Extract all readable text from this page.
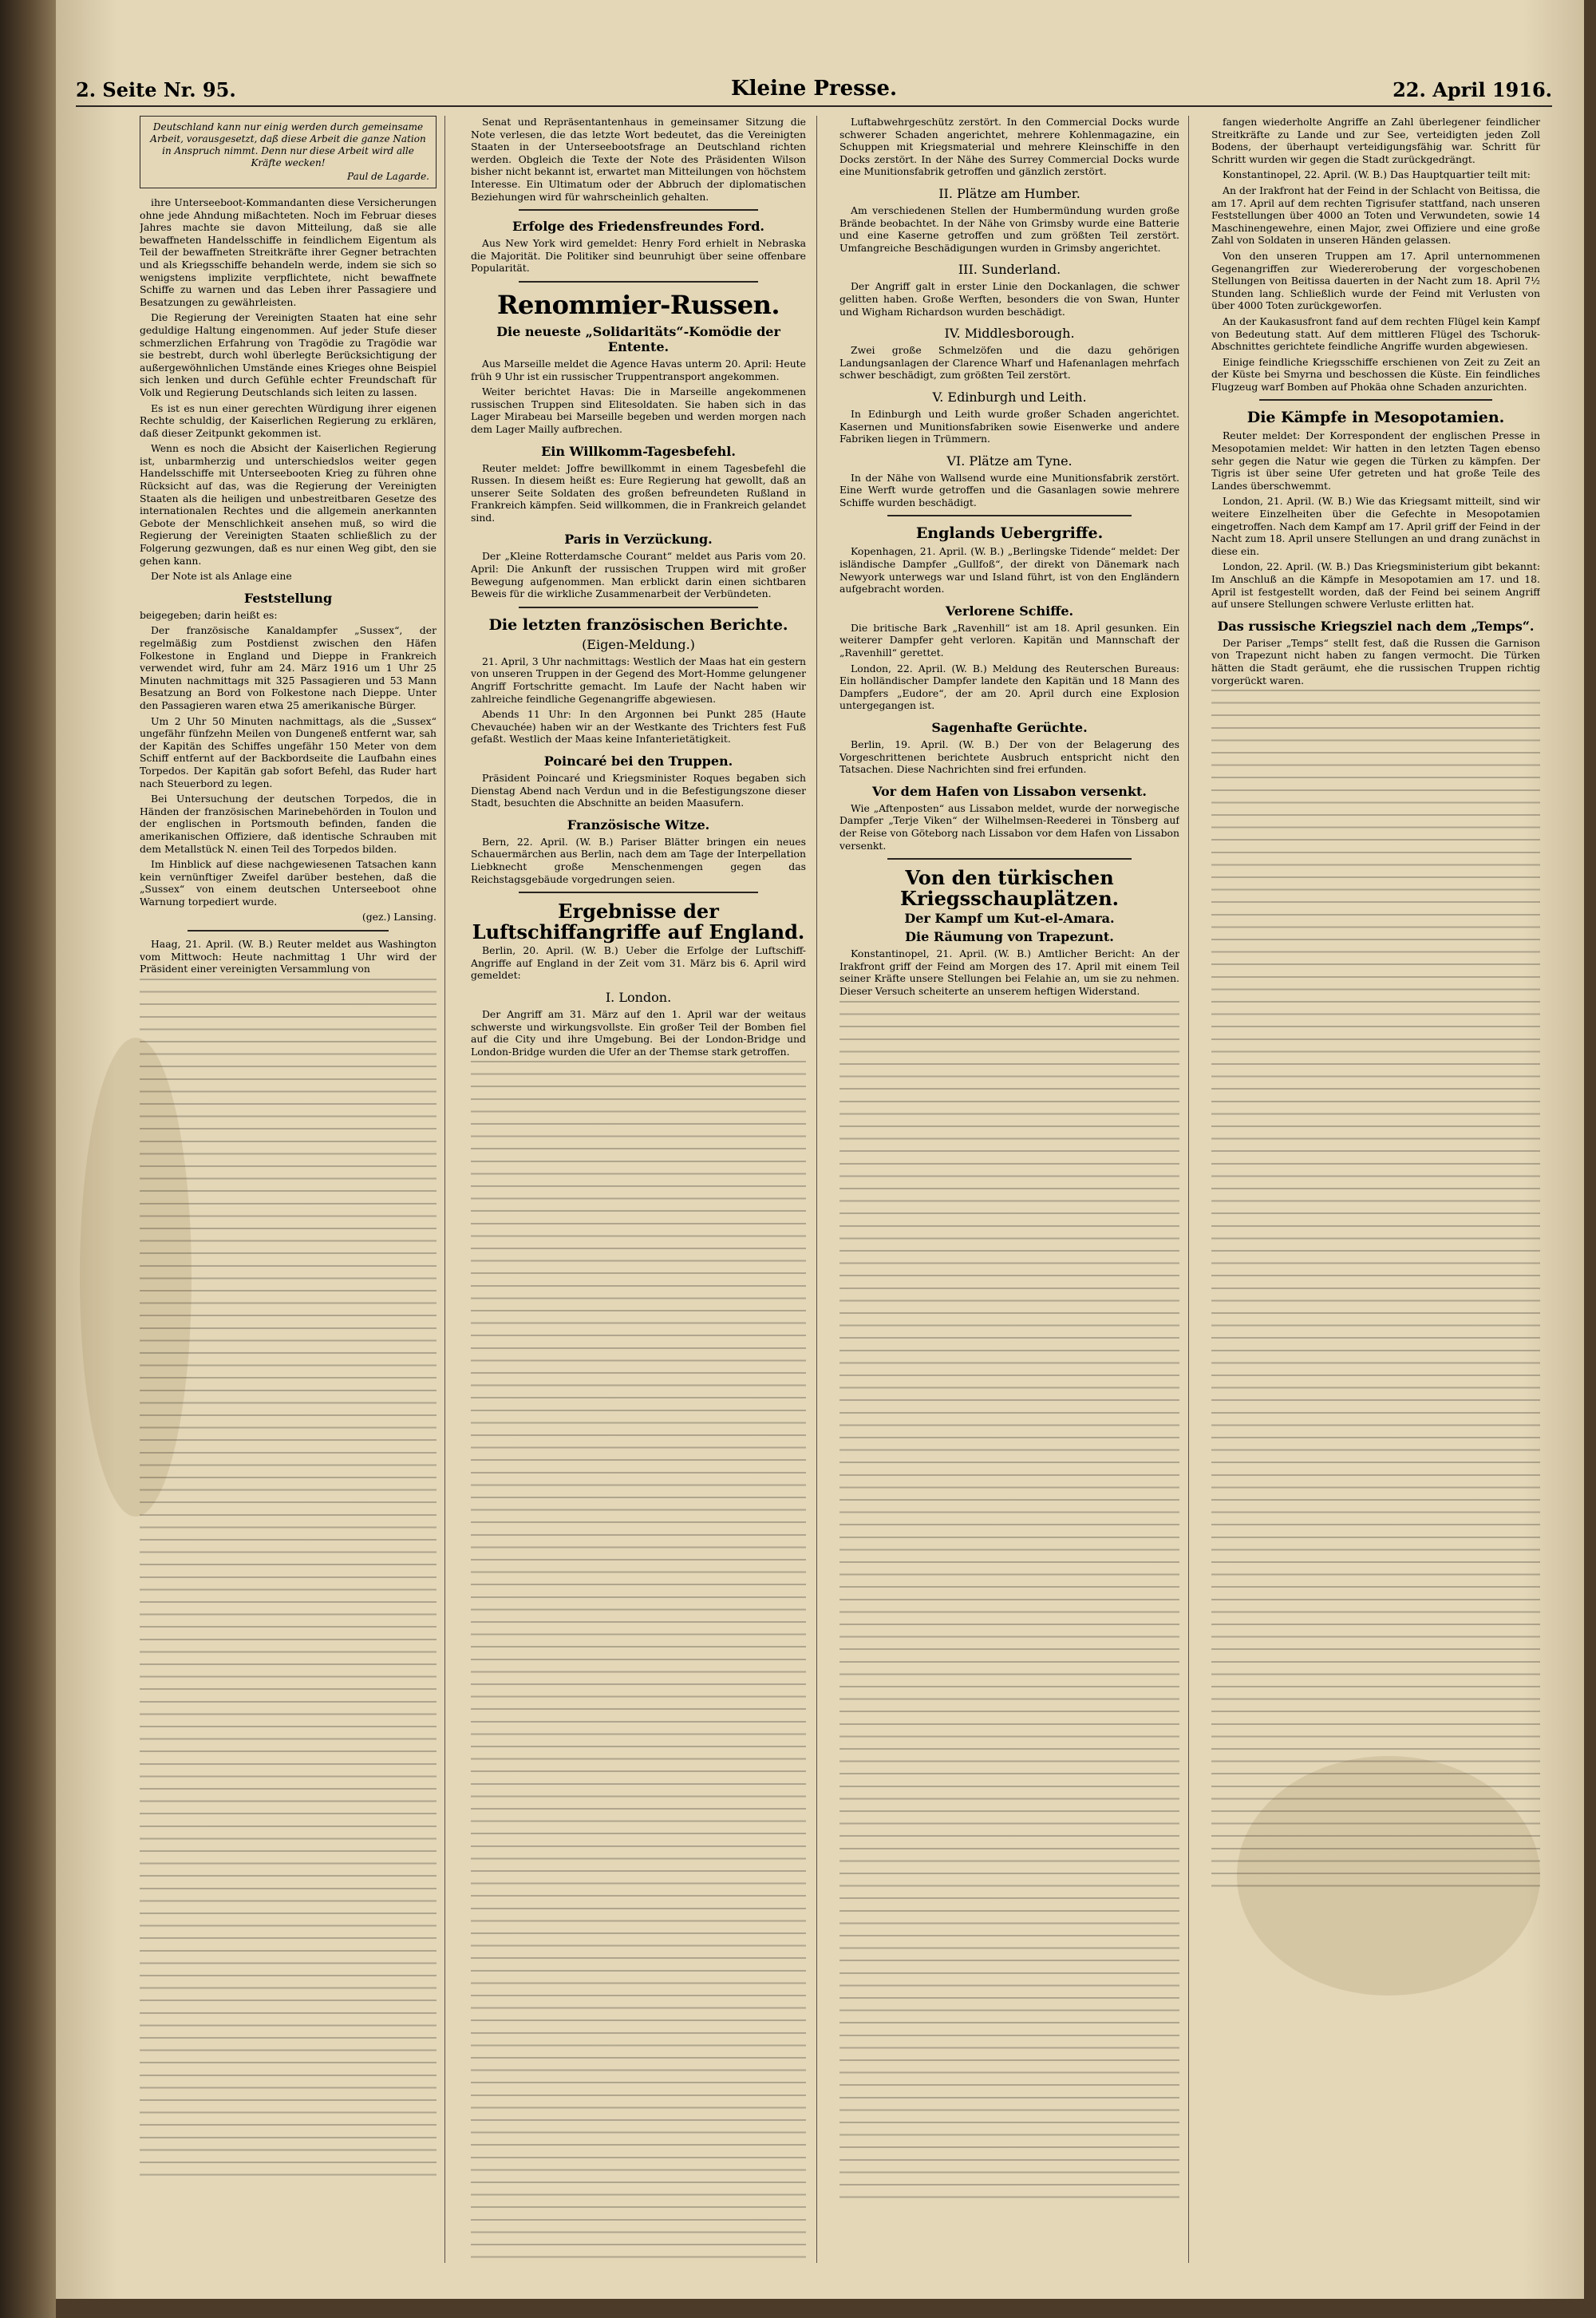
2. Seite Nr. 95.	Kleine Presse.	22. April 1916.
Deutschland kann nur einig werden durch gemeinsame Arbeit, vorausgesetzt, daß diese Arbeit die ganze Nation in Anspruch nimmt. Denn nur diese Arbeit wird alle Kräfte wecken!
Paul de Lagarde.

ihre Unterseeboot-Kommandanten diese Versicherungen ohne jede Ahndung mißachteten. Noch im Februar dieses Jahres machte sie davon Mitteilung, daß sie alle bewaffneten Handelsschiffe in feindlichem Eigentum als Teil der bewaffneten Streitkräfte ihrer Gegner betrachten und als Kriegsschiffe behandeln werde, indem sie sich so wenigstens implizite verpflichtete, nicht bewaffnete Schiffe zu warnen und das Leben ihrer Passagiere und Besatzungen zu gewährleisten.

Die Regierung der Vereinigten Staaten hat eine sehr geduldige Haltung eingenommen. Auf jeder Stufe dieser schmerzlichen Erfahrung von Tragödie zu Tragödie war sie bestrebt, durch wohl überlegte Berücksichtigung der außergewöhnlichen Umstände eines Krieges ohne Beispiel sich lenken und durch Gefühle echter Freundschaft für Volk und Regierung Deutschlands sich leiten zu lassen.

Es ist es nun einer gerechten Würdigung ihrer eigenen Rechte schuldig, der Kaiserlichen Regierung zu erklären, daß dieser Zeitpunkt gekommen ist.

Wenn es noch die Absicht der Kaiserlichen Regierung ist, unbarmherzig und unterschiedslos weiter gegen Handelsschiffe mit Unterseebooten Krieg zu führen ohne Rücksicht auf das, was die Regierung der Vereinigten Staaten als die heiligen und unbestreitbaren Gesetze des internationalen Rechtes und die allgemein anerkannten Gebote der Menschlichkeit ansehen muß, so wird die Regierung der Vereinigten Staaten schließlich zu der Folgerung gezwungen, daß es nur einen Weg gibt, den sie gehen kann.

Der Note ist als Anlage eine

Feststellung

beigegeben; darin heißt es:

Der französische Kanaldampfer „Sussex“, der regelmäßig zum Postdienst zwischen den Häfen Folkestone in England und Dieppe in Frankreich verwendet wird, fuhr am 24. März 1916 um 1 Uhr 25 Minuten nachmittags mit 325 Passagieren und 53 Mann Besatzung an Bord von Folkestone nach Dieppe. Unter den Passagieren waren etwa 25 amerikanische Bürger.

Um 2 Uhr 50 Minuten nachmittags, als die „Sussex“ ungefähr fünfzehn Meilen von Dungeneß entfernt war, sah der Kapitän des Schiffes ungefähr 150 Meter von dem Schiff entfernt auf der Backbordseite die Laufbahn eines Torpedos. Der Kapitän gab sofort Befehl, das Ruder hart nach Steuerbord zu legen.

Bei Untersuchung der deutschen Torpedos, die in Händen der französischen Marinebehörden in Toulon und der englischen in Portsmouth befinden, fanden die amerikanischen Offiziere, daß identische Schrauben mit dem Metallstück N. einen Teil des Torpedos bilden.

Im Hinblick auf diese nachgewiesenen Tatsachen kann kein vernünftiger Zweifel darüber bestehen, daß die „Sussex“ von einem deutschen Unterseeboot ohne Warnung torpediert wurde.

(gez.) Lansing.

Haag, 21. April. (W. B.) Reuter meldet aus Washington vom Mittwoch: Heute nachmittag 1 Uhr wird der Präsident einer vereinigten Versammlung von

Senat und Repräsentantenhaus in gemeinsamer Sitzung die Note verlesen, die das letzte Wort bedeutet, das die Vereinigten Staaten in der Unterseebootsfrage an Deutschland richten werden. Obgleich die Texte der Note des Präsidenten Wilson bisher nicht bekannt ist, erwartet man Mitteilungen von höchstem Interesse. Ein Ultimatum oder der Abbruch der diplomatischen Beziehungen wird für wahrscheinlich gehalten.

Erfolge des Friedensfreundes Ford.

Aus New York wird gemeldet: Henry Ford erhielt in Nebraska die Majorität. Die Politiker sind beunruhigt über seine offenbare Popularität.

Renommier-Russen.
Die neueste „Solidaritäts“-Komödie der Entente.

Aus Marseille meldet die Agence Havas unterm 20. April: Heute früh 9 Uhr ist ein russischer Truppentransport angekommen.

Weiter berichtet Havas: Die in Marseille angekommenen russischen Truppen sind Elitesoldaten. Sie haben sich in das Lager Mirabeau bei Marseille begeben und werden morgen nach dem Lager Mailly aufbrechen.

Ein Willkomm-Tagesbefehl.

Reuter meldet: Joffre bewillkommt in einem Tagesbefehl die Russen. In diesem heißt es: Eure Regierung hat gewollt, daß an unserer Seite Soldaten des großen befreundeten Rußland in Frankreich kämpfen. Seid willkommen, die in Frankreich gelandet sind.

Paris in Verzückung.

Der „Kleine Rotterdamsche Courant“ meldet aus Paris vom 20. April: Die Ankunft der russischen Truppen wird mit großer Bewegung aufgenommen. Man erblickt darin einen sichtbaren Beweis für die wirkliche Zusammenarbeit der Verbündeten.

Die letzten französischen Berichte.
(Eigen-Meldung.)

21. April, 3 Uhr nachmittags: Westlich der Maas hat ein gestern von unseren Truppen in der Gegend des Mort-Homme gelungener Angriff Fortschritte gemacht. Im Laufe der Nacht haben wir zahlreiche feindliche Gegenangriffe abgewiesen.

Abends 11 Uhr: In den Argonnen bei Punkt 285 (Haute Chevauchée) haben wir an der Westkante des Trichters fest Fuß gefaßt. Westlich der Maas keine Infanterietätigkeit.

Poincaré bei den Truppen.

Präsident Poincaré und Kriegsminister Roques begaben sich Dienstag Abend nach Verdun und in die Befestigungszone dieser Stadt, besuchten die Abschnitte an beiden Maasufern.

Französische Witze.

Bern, 22. April. (W. B.) Pariser Blätter bringen ein neues Schauermärchen aus Berlin, nach dem am Tage der Interpellation Liebknecht große Menschenmengen gegen das Reichstagsgebäude vorgedrungen seien.

Ergebnisse der Luftschiffangriffe auf England.

Berlin, 20. April. (W. B.) Ueber die Erfolge der Luftschiff-Angriffe auf England in der Zeit vom 31. März bis 6. April wird gemeldet:

I. London.

Der Angriff am 31. März auf den 1. April war der weitaus schwerste und wirkungsvollste. Ein großer Teil der Bomben fiel auf die City und ihre Umgebung. Bei der London-Bridge und London-Bridge wurden die Ufer an der Themse stark getroffen.

Luftabwehrgeschütz zerstört. In den Commercial Docks wurde schwerer Schaden angerichtet, mehrere Kohlenmagazine, ein Schuppen mit Kriegsmaterial und mehrere Kleinschiffe in den Docks zerstört. In der Nähe des Surrey Commercial Docks wurde eine Munitionsfabrik getroffen und gänzlich zerstört.

II. Plätze am Humber.

Am verschiedenen Stellen der Humbermündung wurden große Brände beobachtet. In der Nähe von Grimsby wurde eine Batterie und eine Kaserne getroffen und zum größten Teil zerstört. Umfangreiche Beschädigungen wurden in Grimsby angerichtet.

III. Sunderland.

Der Angriff galt in erster Linie den Dockanlagen, die schwer gelitten haben. Große Werften, besonders die von Swan, Hunter und Wigham Richardson wurden beschädigt.

IV. Middlesborough.

Zwei große Schmelzöfen und die dazu gehörigen Landungsanlagen der Clarence Wharf und Hafenanlagen mehrfach schwer beschädigt, zum größten Teil zerstört.

V. Edinburgh und Leith.

In Edinburgh und Leith wurde großer Schaden angerichtet. Kasernen und Munitionsfabriken sowie Eisenwerke und andere Fabriken liegen in Trümmern.

VI. Plätze am Tyne.

In der Nähe von Wallsend wurde eine Munitionsfabrik zerstört. Eine Werft wurde getroffen und die Gasanlagen sowie mehrere Schiffe wurden beschädigt.

Englands Uebergriffe.

Kopenhagen, 21. April. (W. B.) „Berlingske Tidende“ meldet: Der isländische Dampfer „Gullfoß“, der direkt von Dänemark nach Newyork unterwegs war und Island führt, ist von den Engländern aufgebracht worden.

Verlorene Schiffe.

Die britische Bark „Ravenhill“ ist am 18. April gesunken. Ein weiterer Dampfer geht verloren. Kapitän und Mannschaft der „Ravenhill“ gerettet.

London, 22. April. (W. B.) Meldung des Reuterschen Bureaus: Ein holländischer Dampfer landete den Kapitän und 18 Mann des Dampfers „Eudore“, der am 20. April durch eine Explosion untergegangen ist.

Sagenhafte Gerüchte.

Berlin, 19. April. (W. B.) Der von der Belagerung des Vorgeschrittenen berichtete Ausbruch entspricht nicht den Tatsachen. Diese Nachrichten sind frei erfunden.

Vor dem Hafen von Lissabon versenkt.

Wie „Aftenposten“ aus Lissabon meldet, wurde der norwegische Dampfer „Terje Viken“ der Wilhelmsen-Reederei in Tönsberg auf der Reise von Göteborg nach Lissabon vor dem Hafen von Lissabon versenkt.

Von den türkischen Kriegsschauplätzen.
Der Kampf um Kut-el-Amara.
Die Räumung von Trapezunt.

Konstantinopel, 21. April. (W. B.) Amtlicher Bericht: An der Irakfront griff der Feind am Morgen des 17. April mit einem Teil seiner Kräfte unsere Stellungen bei Felahie an, um sie zu nehmen. Dieser Versuch scheiterte an unserem heftigen Widerstand.

fangen wiederholte Angriffe an Zahl überlegener feindlicher Streitkräfte zu Lande und zur See, verteidigten jeden Zoll Bodens, der überhaupt verteidigungsfähig war. Schritt für Schritt wurden wir gegen die Stadt zurückgedrängt.

Konstantinopel, 22. April. (W. B.) Das Hauptquartier teilt mit:

An der Irakfront hat der Feind in der Schlacht von Beitissa, die am 17. April auf dem rechten Tigrisufer stattfand, nach unseren Feststellungen über 4000 an Toten und Verwundeten, sowie 14 Maschinengewehre, einen Major, zwei Offiziere und eine große Zahl von Soldaten in unseren Händen gelassen.

Von den unseren Truppen am 17. April unternommenen Gegenangriffen zur Wiedereroberung der vorgeschobenen Stellungen von Beitissa dauerten in der Nacht zum 18. April 7½ Stunden lang. Schließlich wurde der Feind mit Verlusten von über 4000 Toten zurückgeworfen.

An der Kaukasusfront fand auf dem rechten Flügel kein Kampf von Bedeutung statt. Auf dem mittleren Flügel des Tschoruk-Abschnittes gerichtete feindliche Angriffe wurden abgewiesen.

Einige feindliche Kriegsschiffe erschienen von Zeit zu Zeit an der Küste bei Smyrna und beschossen die Küste. Ein feindliches Flugzeug warf Bomben auf Phokäa ohne Schaden anzurichten.

Die Kämpfe in Mesopotamien.

Reuter meldet: Der Korrespondent der englischen Presse in Mesopotamien meldet: Wir hatten in den letzten Tagen ebenso sehr gegen die Natur wie gegen die Türken zu kämpfen. Der Tigris ist über seine Ufer getreten und hat große Teile des Landes überschwemmt.

London, 21. April. (W. B.) Wie das Kriegsamt mitteilt, sind wir weitere Einzelheiten über die Gefechte in Mesopotamien eingetroffen. Nach dem Kampf am 17. April griff der Feind in der Nacht zum 18. April unsere Stellungen an und drang zunächst in diese ein.

London, 22. April. (W. B.) Das Kriegsministerium gibt bekannt: Im Anschluß an die Kämpfe in Mesopotamien am 17. und 18. April ist festgestellt worden, daß der Feind bei seinem Angriff auf unsere Stellungen schwere Verluste erlitten hat.

Das russische Kriegsziel nach dem „Temps“.

Der Pariser „Temps“ stellt fest, daß die Russen die Garnison von Trapezunt nicht haben zu fangen vermocht. Die Türken hätten die Stadt geräumt, ehe die russischen Truppen richtig vorgerückt waren.
